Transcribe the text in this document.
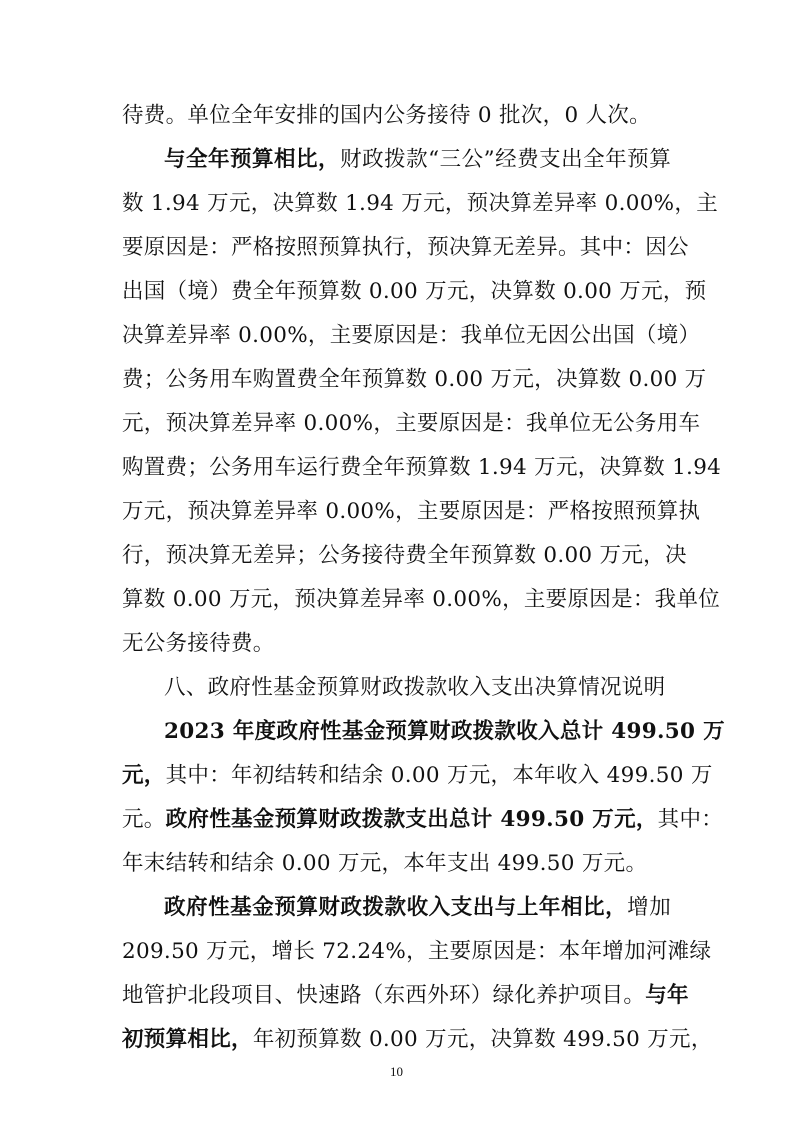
待费。单位全年安排的国内公务接待 0 批次，0 人次。
与全年预算相比，财政拨款“三公”经费支出全年预算
数 1.94 万元，决算数 1.94 万元，预决算差异率 0.00%，主
要原因是：严格按照预算执行，预决算无差异。其中：因公
出国（境）费全年预算数 0.00 万元，决算数 0.00 万元，预
决算差异率 0.00%，主要原因是：我单位无因公出国（境）
费；公务用车购置费全年预算数 0.00 万元，决算数 0.00 万
元，预决算差异率 0.00%，主要原因是：我单位无公务用车
购置费；公务用车运行费全年预算数 1.94 万元，决算数 1.94
万元，预决算差异率 0.00%，主要原因是：严格按照预算执
行，预决算无差异；公务接待费全年预算数 0.00 万元，决
算数 0.00 万元，预决算差异率 0.00%，主要原因是：我单位
无公务接待费。
八、政府性基金预算财政拨款收入支出决算情况说明
2023 年度政府性基金预算财政拨款收入总计 499.50 万
元，其中：年初结转和结余 0.00 万元，本年收入 499.50 万
元。政府性基金预算财政拨款支出总计 499.50 万元，其中：
年末结转和结余 0.00 万元，本年支出 499.50 万元。
政府性基金预算财政拨款收入支出与上年相比，增加
209.50 万元，增长 72.24%，主要原因是：本年增加河滩绿
地管护北段项目、快速路（东西外环）绿化养护项目。与年
初预算相比，年初预算数 0.00 万元，决算数 499.50 万元，
10
